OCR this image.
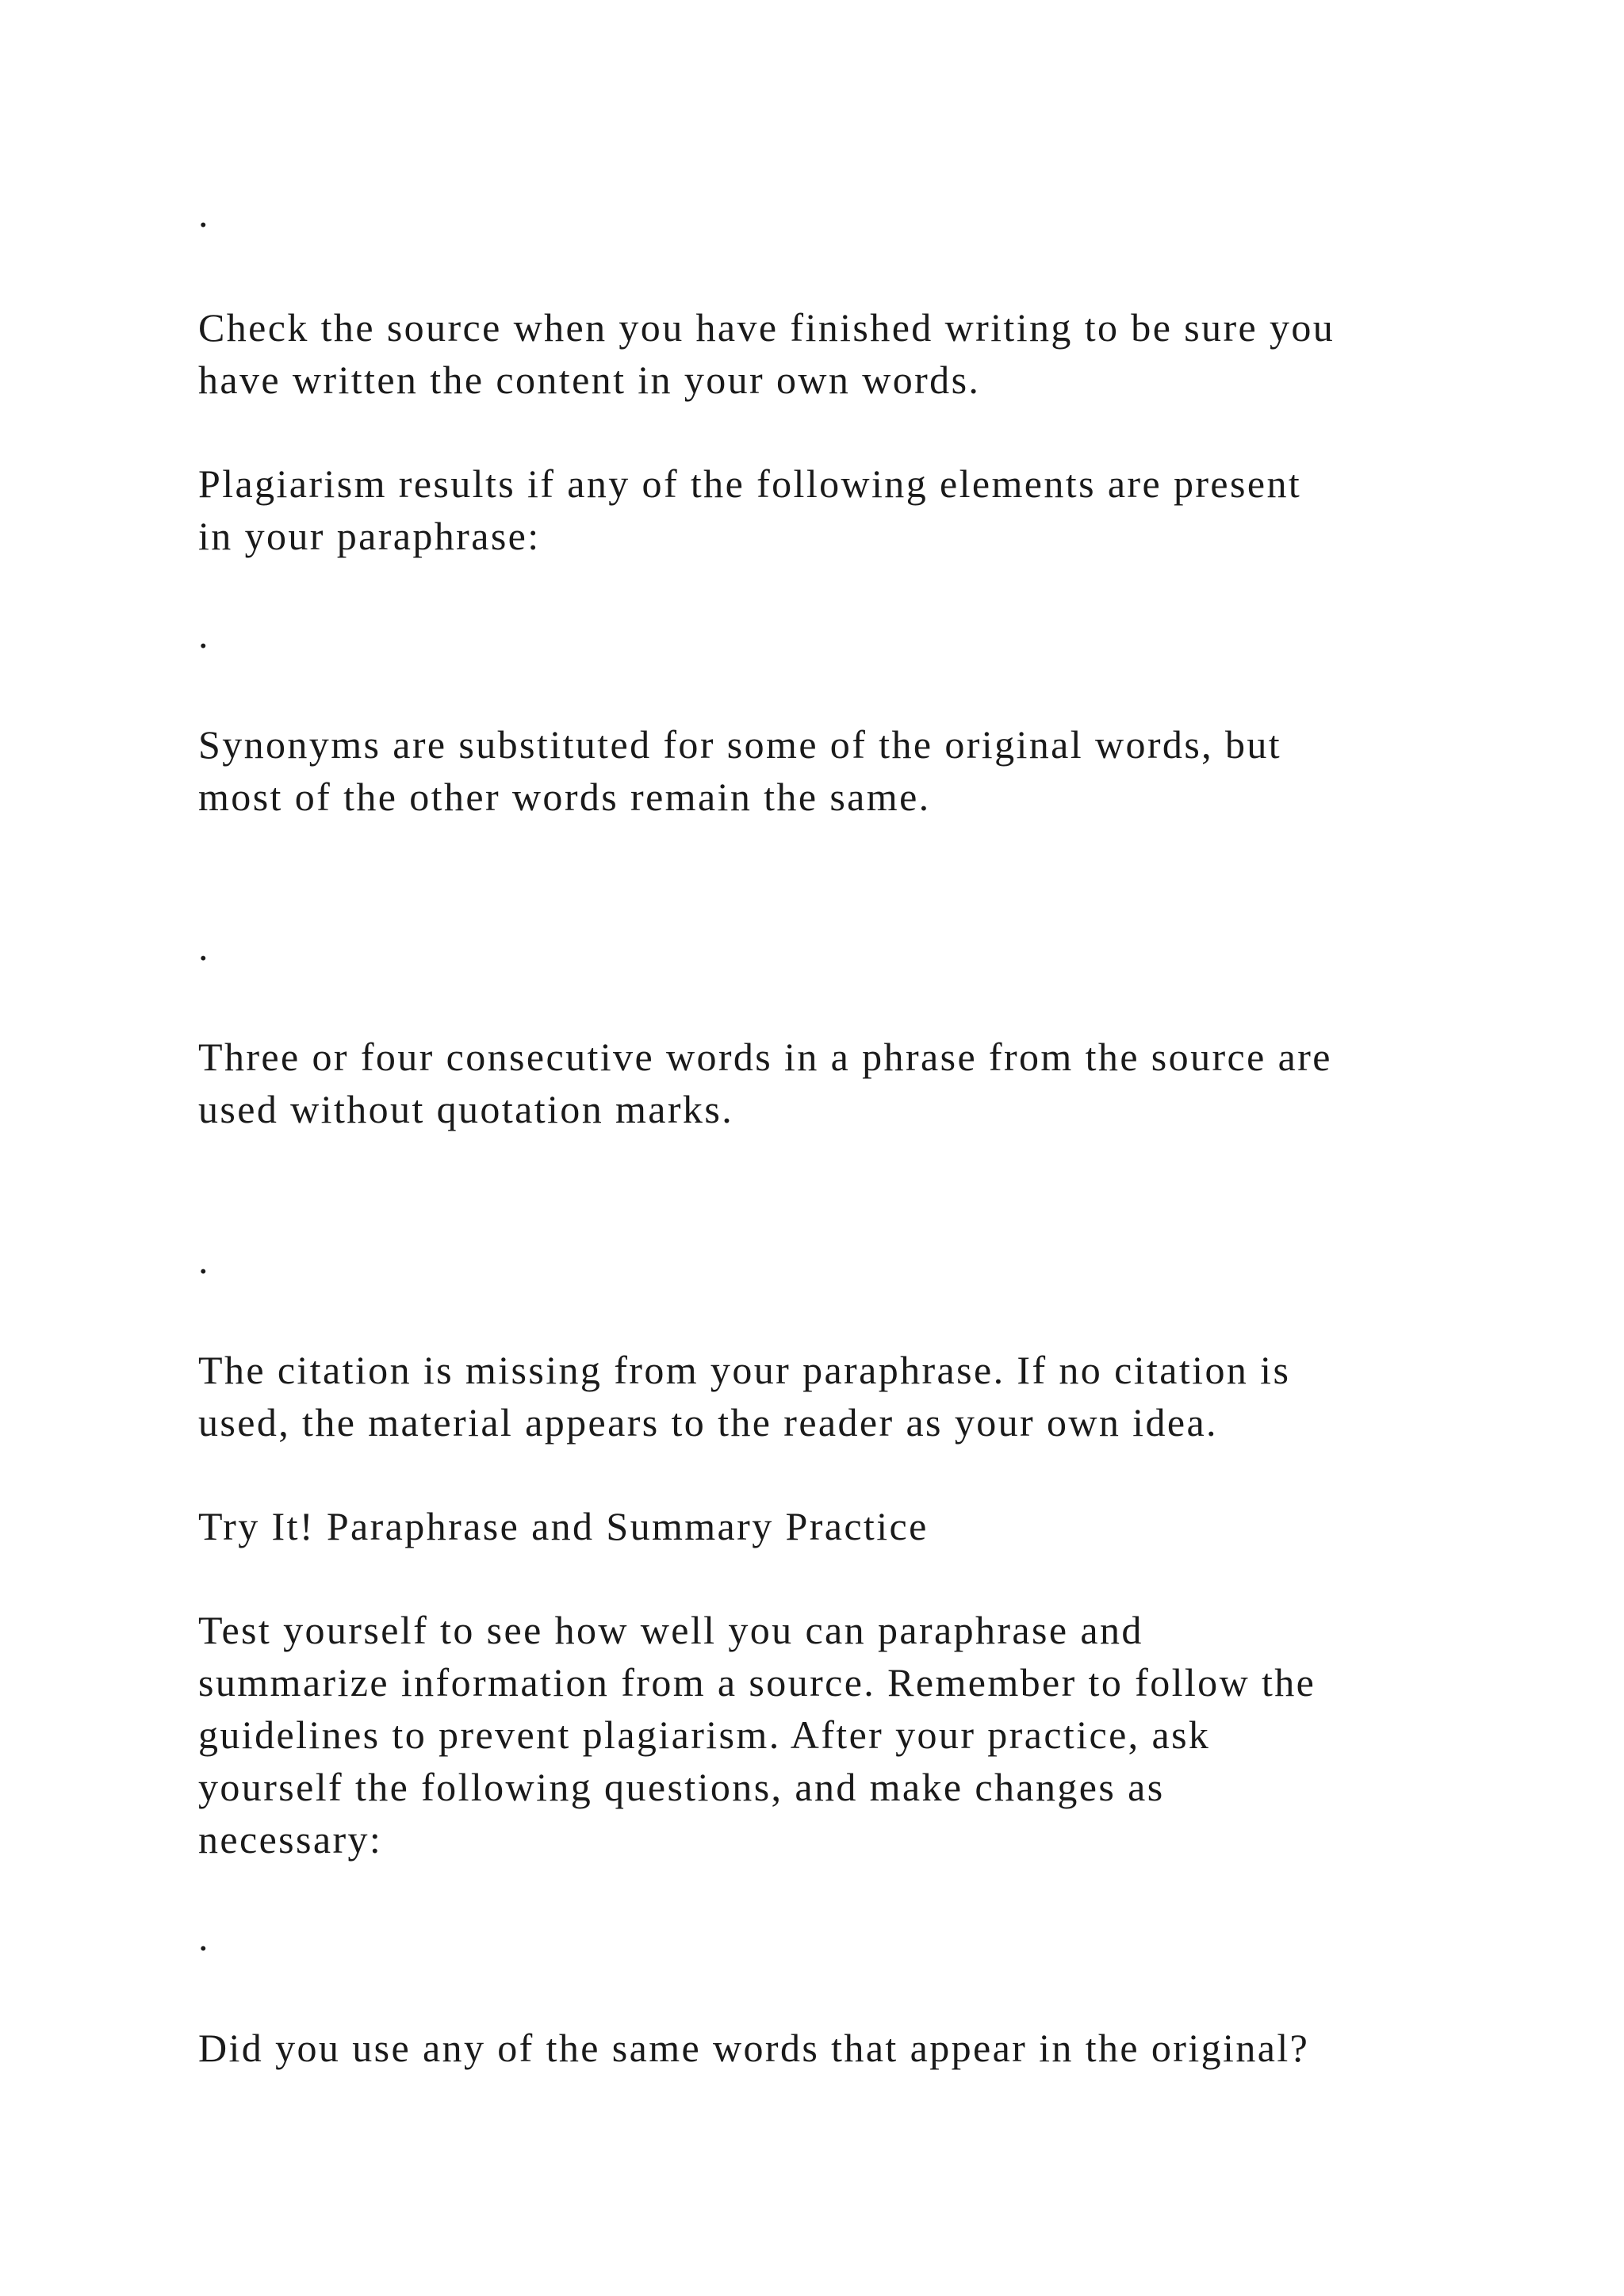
.

Check the source when you have finished writing to be sure you

have written the content in your own words.

Plagiarism results if any of the following elements are present

in your paraphrase:

.

Synonyms are substituted for some of the original words, but

most of the other words remain the same.

.

Three or four consecutive words in a phrase from the source are

used without quotation marks.

.

The citation is missing from your paraphrase. If no citation is

used, the material appears to the reader as your own idea.

Try It! Paraphrase and Summary Practice

Test yourself to see how well you can paraphrase and

summarize information from a source. Remember to follow the

guidelines to prevent plagiarism. After your practice, ask

yourself the following questions, and make changes as

necessary:

.

Did you use any of the same words that appear in the original?
